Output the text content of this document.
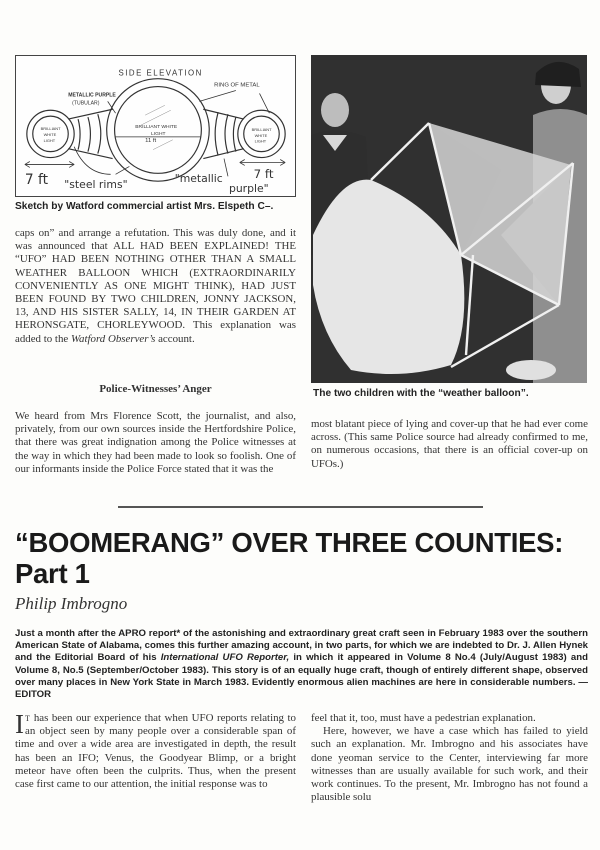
SIDE ELEVATION
RING OF METAL
METALLIC PURPLE
(TUBULAR)
BRILLIANT
WHITE
LIGHT
BRILLIANT WHITE
LIGHT
11 ft
BRILLIANT
WHITE
LIGHT
7 ft	7 ft
"steel rims"	"metallic
purple"
Sketch by Watford commercial artist Mrs. Elspeth C–.
The two children with the “weather balloon”.

caps on” and arrange a refutation. This was duly done, and it was announced that ALL HAD BEEN EXPLAINED! THE “UFO” HAD BEEN NOTHING OTHER THAN A SMALL WEATHER BALLOON WHICH (EXTRAORDINARILY CONVENIENTLY AS ONE MIGHT THINK), HAD JUST BEEN FOUND BY TWO CHILDREN, JONNY JACKSON, 13, AND HIS SISTER SALLY, 14, IN THEIR GARDEN AT HERONSGATE, CHORLEYWOOD. This explanation was added to the Watford Observer’s account.

Police-Witnesses’ Anger

We heard from Mrs Florence Scott, the journalist, and also, privately, from our own sources inside the Hertfordshire Police, that there was great indignation among the Police witnesses at the way in which they had been made to look so foolish. One of our informants inside the Police Force stated that it was the

most blatant piece of lying and cover-up that he had ever come across. (This same Police source had already confirmed to me, on numerous occasions, that there is an official cover-up on UFOs.)

“BOOMERANG” OVER THREE COUNTIES:
Part 1
Philip Imbrogno
Just a month after the APRO report* of the astonishing and extraordinary great craft seen in February 1983 over the southern American State of Alabama, comes this further amazing account, in two parts, for which we are indebted to Dr. J. Allen Hynek and the Editorial Board of his International UFO Reporter, in which it appeared in Volume 8 No.4 (July/August 1983) and Volume 8, No.5 (September/October 1983). This story is of an equally huge craft, though of entirely different shape, observed over many places in New York State in March 1983. Evidently enormous alien machines are here in considerable numbers. — EDITOR

I T has been our experience that when UFO reports relating to an object seen by many people over a considerable span of time and over a wide area are investigated in depth, the result has been an IFO; Venus, the Goodyear Blimp, or a bright meteor have often been the culprits. Thus, when the present case first came to our attention, the initial response was to

feel that it, too, must have a pedestrian explanation.

Here, however, we have a case which has failed to yield such an explanation. Mr. Imbrogno and his associates have done yeoman service to the Center, interviewing far more witnesses than are usually available for such work, and their work continues. To the present, Mr. Imbrogno has not found a plausible solu
